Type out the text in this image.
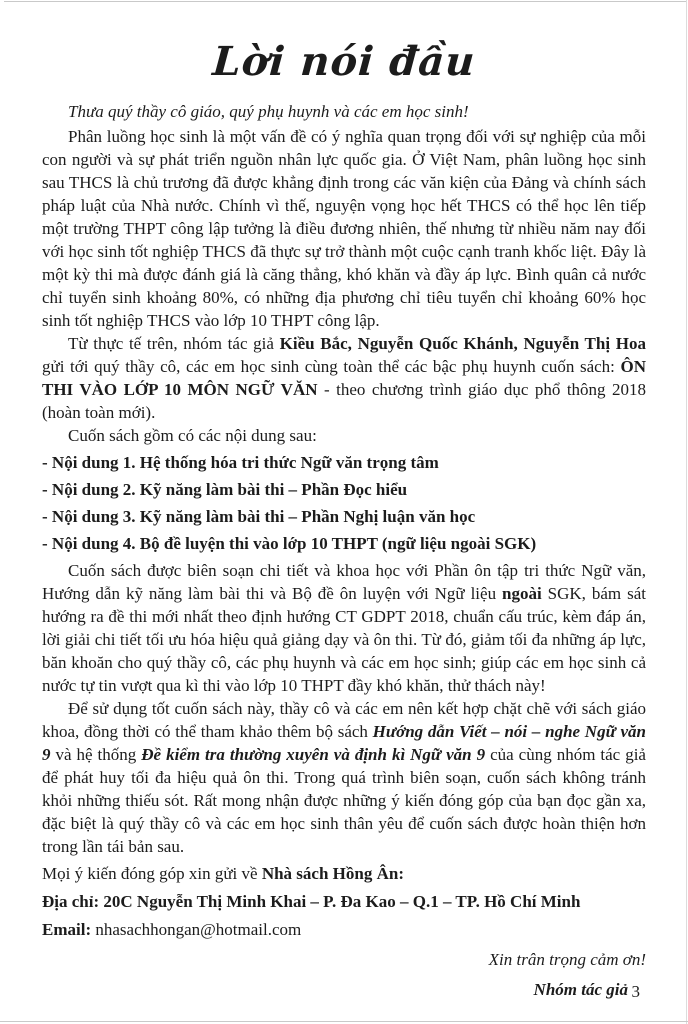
Lời nói đầu

Thưa quý thầy cô giáo, quý phụ huynh và các em học sinh!

Phân luồng học sinh là một vấn đề có ý nghĩa quan trọng đối với sự nghiệp của mỗi con người và sự phát triển nguồn nhân lực quốc gia. Ở Việt Nam, phân luồng học sinh sau THCS là chủ trương đã được khẳng định trong các văn kiện của Đảng và chính sách pháp luật của Nhà nước. Chính vì thế, nguyện vọng học hết THCS có thể học lên tiếp một trường THPT công lập tưởng là điều đương nhiên, thế nhưng từ nhiều năm nay đối với học sinh tốt nghiệp THCS đã thực sự trở thành một cuộc cạnh tranh khốc liệt. Đây là một kỳ thi mà được đánh giá là căng thẳng, khó khăn và đầy áp lực. Bình quân cả nước chỉ tuyển sinh khoảng 80%, có những địa phương chỉ tiêu tuyển chỉ khoảng 60% học sinh tốt nghiệp THCS vào lớp 10 THPT công lập.

Từ thực tế trên, nhóm tác giả Kiều Bắc, Nguyễn Quốc Khánh, Nguyễn Thị Hoa gửi tới quý thầy cô, các em học sinh cùng toàn thể các bậc phụ huynh cuốn sách: ÔN THI VÀO LỚP 10 MÔN NGỮ VĂN - theo chương trình giáo dục phổ thông 2018 (hoàn toàn mới).

Cuốn sách gồm có các nội dung sau:

- Nội dung 1. Hệ thống hóa tri thức Ngữ văn trọng tâm

- Nội dung 2. Kỹ năng làm bài thi – Phần Đọc hiểu

- Nội dung 3. Kỹ năng làm bài thi – Phần Nghị luận văn học

- Nội dung 4. Bộ đề luyện thi vào lớp 10 THPT (ngữ liệu ngoài SGK)

Cuốn sách được biên soạn chi tiết và khoa học với Phần ôn tập tri thức Ngữ văn, Hướng dẫn kỹ năng làm bài thi và Bộ đề ôn luyện với Ngữ liệu ngoài SGK, bám sát hướng ra đề thi mới nhất theo định hướng CT GDPT 2018, chuẩn cấu trúc, kèm đáp án, lời giải chi tiết tối ưu hóa hiệu quả giảng dạy và ôn thi. Từ đó, giảm tối đa những áp lực, băn khoăn cho quý thầy cô, các phụ huynh và các em học sinh; giúp các em học sinh cả nước tự tin vượt qua kì thi vào lớp 10 THPT đầy khó khăn, thử thách này!

Để sử dụng tốt cuốn sách này, thầy cô và các em nên kết hợp chặt chẽ với sách giáo khoa, đồng thời có thể tham khảo thêm bộ sách Hướng dẫn Viết – nói – nghe Ngữ văn 9 và hệ thống Đề kiểm tra thường xuyên và định kì Ngữ văn 9 của cùng nhóm tác giả để phát huy tối đa hiệu quả ôn thi. Trong quá trình biên soạn, cuốn sách không tránh khỏi những thiếu sót. Rất mong nhận được những ý kiến đóng góp của bạn đọc gần xa, đặc biệt là quý thầy cô và các em học sinh thân yêu để cuốn sách được hoàn thiện hơn trong lần tái bản sau.

Mọi ý kiến đóng góp xin gửi về Nhà sách Hồng Ân:

Địa chỉ: 20C Nguyễn Thị Minh Khai – P. Đa Kao – Q.1 – TP. Hồ Chí Minh

Email: nhasachhongan@hotmail.com

Xin trân trọng cảm ơn!

Nhóm tác giả 3
